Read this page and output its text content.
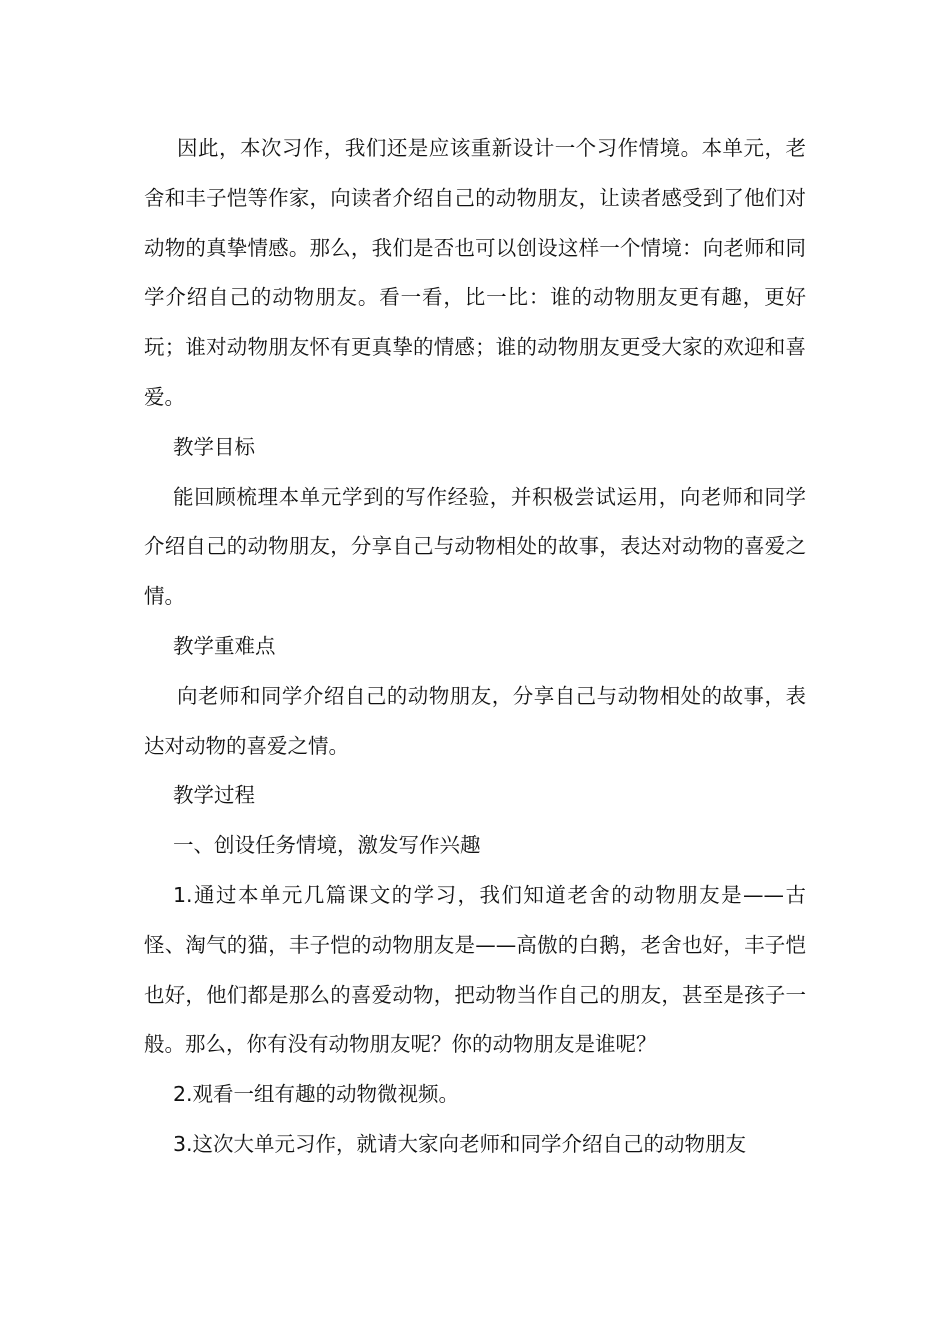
因此，本次习作，我们还是应该重新设计一个习作情境。本单元，老舍和丰子恺等作家，向读者介绍自己的动物朋友，让读者感受到了他们对动物的真挚情感。那么，我们是否也可以创设这样一个情境：向老师和同学介绍自己的动物朋友。看一看，比一比：谁的动物朋友更有趣，更好玩；谁对动物朋友怀有更真挚的情感；谁的动物朋友更受大家的欢迎和喜爱。

教学目标

能回顾梳理本单元学到的写作经验，并积极尝试运用，向老师和同学介绍自己的动物朋友，分享自己与动物相处的故事，表达对动物的喜爱之情。

教学重难点

向老师和同学介绍自己的动物朋友，分享自己与动物相处的故事，表达对动物的喜爱之情。

教学过程

一、创设任务情境，激发写作兴趣

1.通过本单元几篇课文的学习，我们知道老舍的动物朋友是——古怪、淘气的猫，丰子恺的动物朋友是——高傲的白鹅，老舍也好，丰子恺也好，他们都是那么的喜爱动物，把动物当作自己的朋友，甚至是孩子一般。那么，你有没有动物朋友呢？你的动物朋友是谁呢？

2.观看一组有趣的动物微视频。

3.这次大单元习作，就请大家向老师和同学介绍自己的动物朋友
